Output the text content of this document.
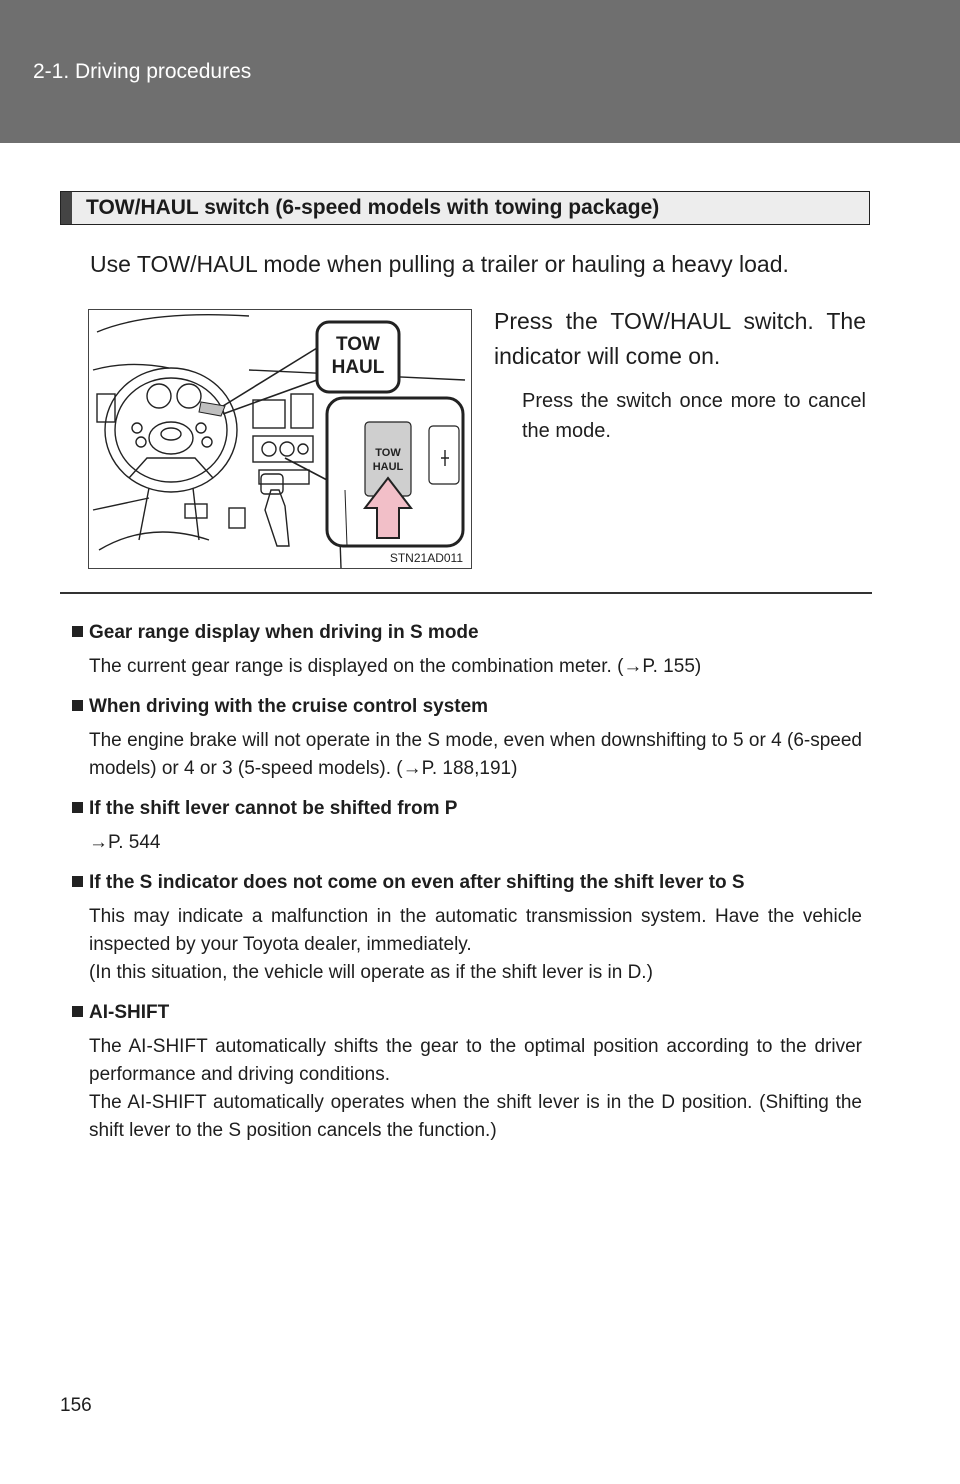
2-1. Driving procedures
TOW/HAUL switch (6-speed models with towing package)
Use TOW/HAUL mode when pulling a trailer or hauling a heavy load.
TOW
HAUL
TOW
HAUL
STN21AD011
Press the TOW/HAUL switch. The indicator will come on.
Press the switch once more to cancel the mode.

Gear range display when driving in S mode

The current gear range is displayed on the combination meter. (→P. 155)

When driving with the cruise control system

The engine brake will not operate in the S mode, even when downshifting to 5 or 4 (6-speed models) or 4 or 3 (5-speed models). (→P. 188,191)

If the shift lever cannot be shifted from P

→P. 544

If the S indicator does not come on even after shifting the shift lever to S

This may indicate a malfunction in the automatic transmission system. Have the vehicle inspected by your Toyota dealer, immediately.

(In this situation, the vehicle will operate as if the shift lever is in D.)

AI-SHIFT

The AI-SHIFT automatically shifts the gear to the optimal position according to the driver performance and driving conditions.

The AI-SHIFT automatically operates when the shift lever is in the D position. (Shifting the shift lever to the S position cancels the function.)

156
